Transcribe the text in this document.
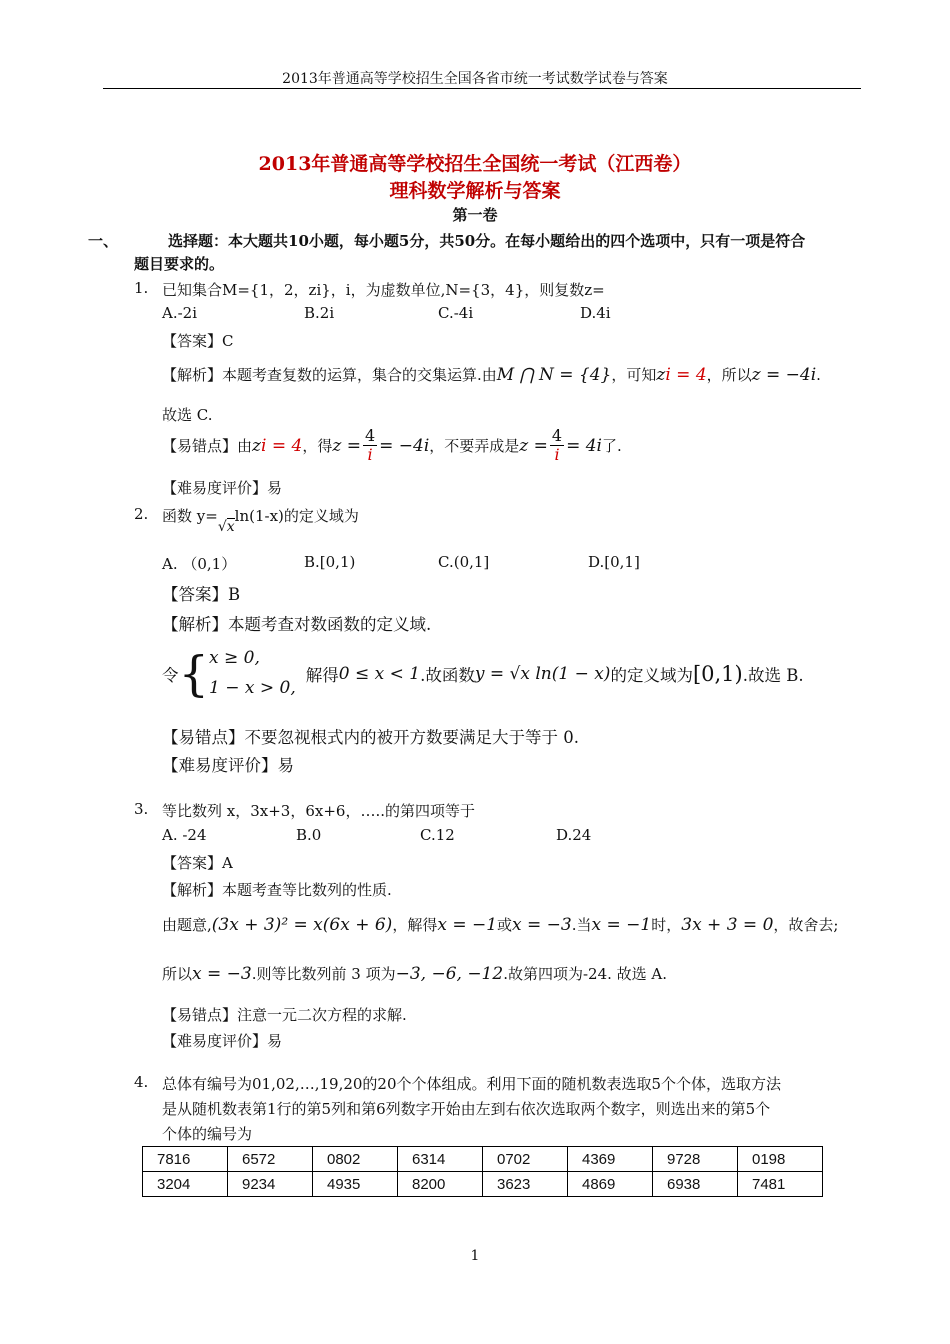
2013年普通高等学校招生全国各省市统一考试数学试卷与答案
2013年普通高等学校招生全国统一考试（江西卷）
理科数学解析与答案
第一卷
一、	选择题：本大题共10小题，每小题5分，共50分。在每小题给出的四个选项中，只有一项是符合
题目要求的。
1. 已知集合M={1，2，zi}，i，为虚数单位,N={3，4}，则复数z=
A.-2i	B.2i	C.-4i	D.4i
【答案】C
【解析】本题考查复数的运算，集合的交集运算.由M ⋂ N = {4}，可知zi = 4，所以z = −4i.
故选 C.
【易错点】 由 zi = 4 ，得 $z = \frac{4}{i} = -4i$ ，不要弄成是 $z = \frac{4}{i} = 4i$ 了.
【难易度评价】易
2. 函数 y=√xln(1-x)的定义域为
A. （0,1）	B.[0,1)	C.(0,1]	D.[0,1]
【答案】B
【解析】本题考查对数函数的定义域.
令 { x ≥ 0,
1 − x > 0,
解得 0 ≤ x < 1 .故函数 y = √x ln(1 − x) 的定义域为 [0,1) .故选 B.
【易错点】不要忽视根式内的被开方数要满足大于等于 0.
【难易度评价】易
3. 等比数列 x，3x+3，6x+6，…..的第四项等于
A. -24	B.0	C.12	D.24
【答案】A
【解析】本题考查等比数列的性质.
由题意,(3x + 3)² = x(6x + 6)，解得x = −1或x = −3.当x = −1时，3x + 3 = 0，故舍去;
所以x = −3.则等比数列前 3 项为−3, −6, −12.故第四项为-24. 故选 A.
【易错点】注意一元二次方程的求解.
【难易度评价】易
4. 总体有编号为01,02,…,19,20的20个个体组成。利用下面的随机数表选取5个个体，选取方法
是从随机数表第1行的第5列和第6列数字开始由左到右依次选取两个数字，则选出来的第5个
个体的编号为
7816	6572	0802	6314	0702	4369	9728	0198
3204	9234	4935	8200	3623	4869	6938	7481
1
